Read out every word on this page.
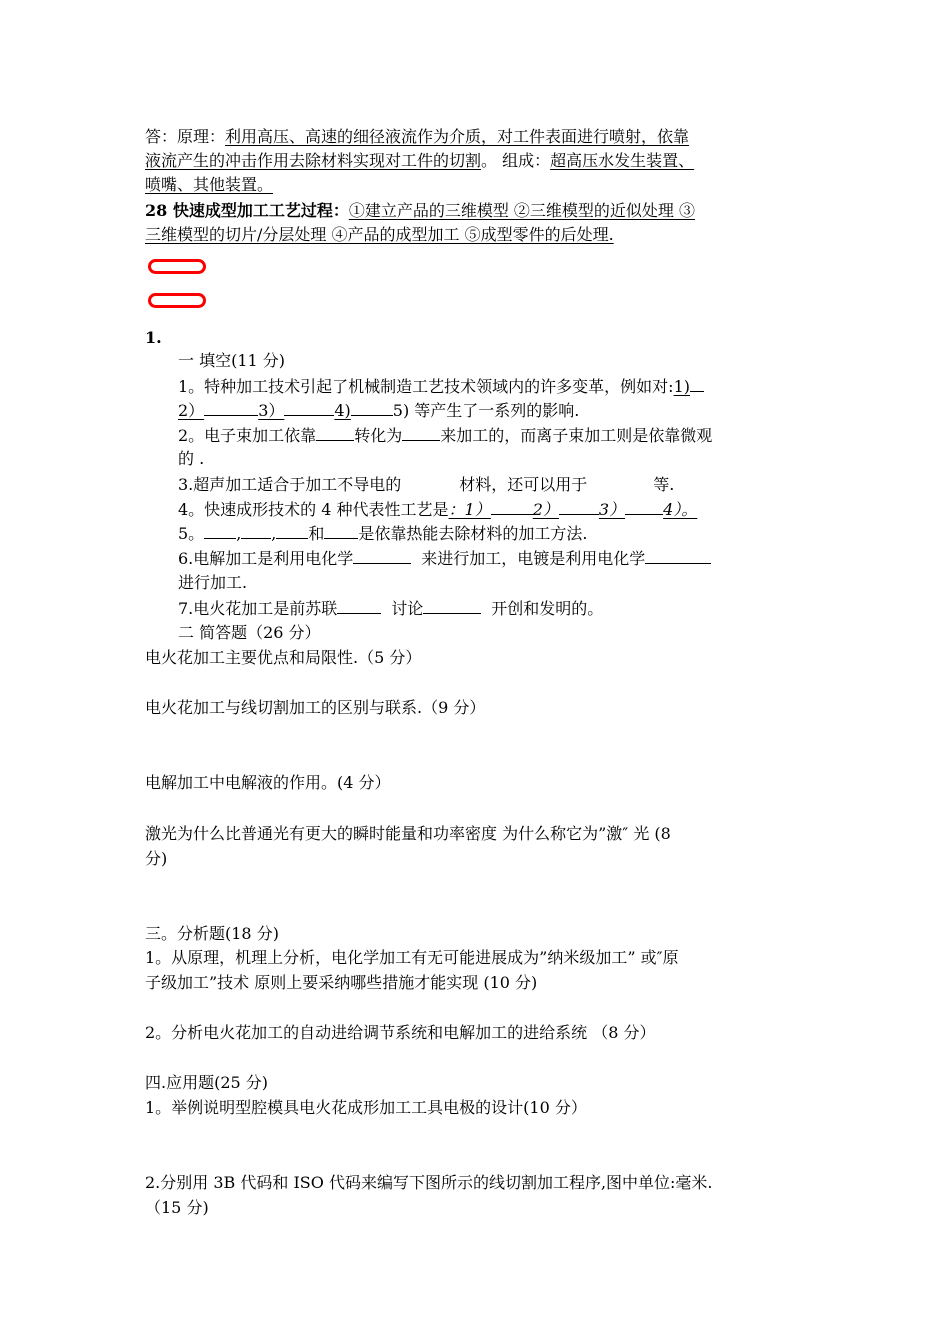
答：原理：利用高压、高速的细径液流作为介质，对工件表面进行喷射，依靠
液流产生的冲击作用去除材料实现对工件的切割。 组成：超高压水发生装置、
喷嘴、其他装置。
28 快速成型加工工艺过程：①建立产品的三维模型 ②三维模型的近似处理 ③
三维模型的切片/分层处理 ④产品的成型加工 ⑤成型零件的后处理.
1.
一 填空(11 分)
1。特种加工技术引起了机械制造工艺技术领域内的许多变革，例如对:1)
2）	3）	4)	5) 等产生了一系列的影响.
2。电子束加工依靠 转化为 来加工的，而离子束加工则是依靠微观
的 .
3.超声加工适合于加工不导电的	材料，还可以用于	等.
4。快速成形技术的 4 种代表性工艺是：1）	2）	3） 4）。
5。 , , 和 是依靠热能去除材料的加工方法.
6.电解加工是利用电化学	来进行加工，电镀是利用电化学
进行加工.
7.电火花加工是前苏联	讨论	开创和发明的。
二 简答题（26 分）
电火花加工主要优点和局限性.（5 分）
电火花加工与线切割加工的区别与联系.（9 分）
电解加工中电解液的作用。(4 分）
激光为什么比普通光有更大的瞬时能量和功率密度 为什么称它为”激″ 光 (8
分)
三。分析题(18 分)
1。从原理，机理上分析，电化学加工有无可能进展成为”纳米级加工” 或″原
子级加工”技术 原则上要采纳哪些措施才能实现 (10 分)
2。分析电火花加工的自动进给调节系统和电解加工的进给系统 （8 分）
四.应用题(25 分)
1。举例说明型腔模具电火花成形加工工具电极的设计(10 分）
2.分别用 3B 代码和 ISO 代码来编写下图所示的线切割加工程序,图中单位:毫米.
（15 分)
